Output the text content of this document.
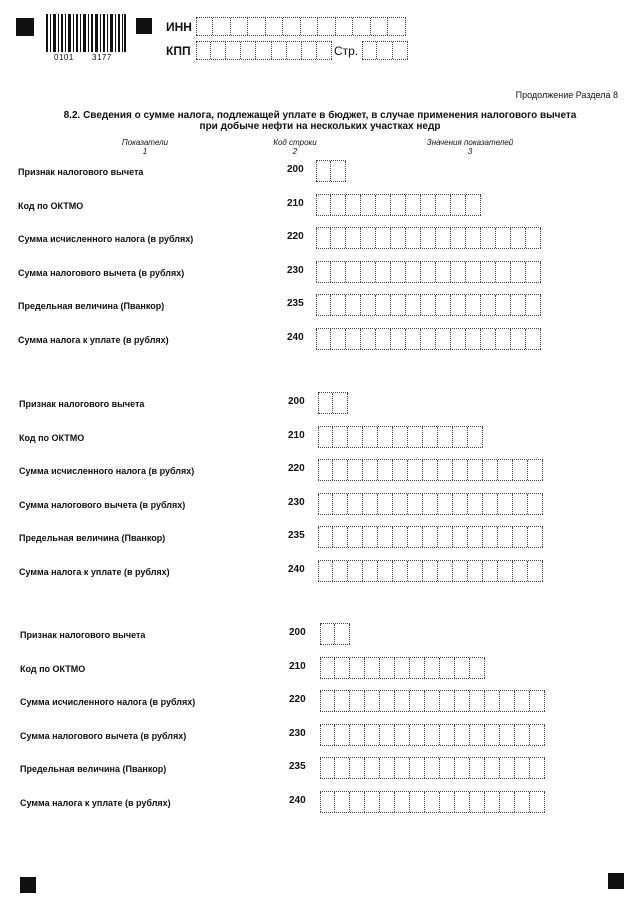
0101 3177
ИНН
КПП	Стр.
Продолжение Раздела 8
8.2. Сведения о сумме налога, подлежащей уплате в бюджет, в случае применения налогового вычета
при добыче нефти на нескольких участках недр
Показатели
1
Код строки
2
Значения показателей
3
Признак налогового вычета	200
Код по ОКТМО	210
Сумма исчисленного налога (в рублях)	220
Сумма налогового вычета (в рублях)	230
Предельная величина (Пванкор)	235
Сумма налога к уплате (в рублях)	240
Признак налогового вычета	200
Код по ОКТМО	210
Сумма исчисленного налога (в рублях)	220
Сумма налогового вычета (в рублях)	230
Предельная величина (Пванкор)	235
Сумма налога к уплате (в рублях)	240
Признак налогового вычета	200
Код по ОКТМО	210
Сумма исчисленного налога (в рублях)	220
Сумма налогового вычета (в рублях)	230
Предельная величина (Пванкор)	235
Сумма налога к уплате (в рублях)	240
